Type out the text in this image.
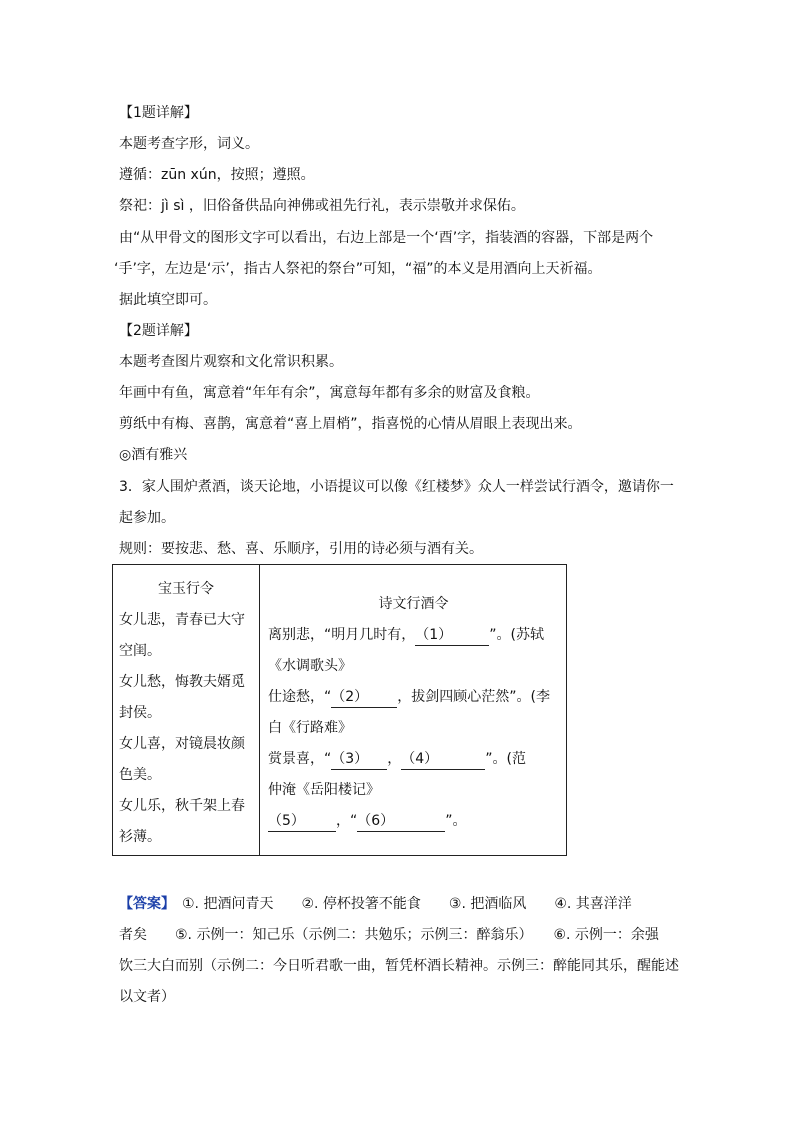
【1题详解】
本题考查字形，词义。
遵循：zūn xún，按照；遵照。
祭祀：jì sì ，旧俗备供品向神佛或祖先行礼，表示崇敬并求保佑。
由“从甲骨文的图形文字可以看出，右边上部是一个‘酉’字，指装酒的容器，下部是两个
‘手’字，左边是‘示’，指古人祭祀的祭台”可知，“福”的本义是用酒向上天祈福。
据此填空即可。
【2题详解】
本题考查图片观察和文化常识积累。
年画中有鱼，寓意着“年年有余”，寓意每年都有多余的财富及食粮。
剪纸中有梅、喜鹊，寓意着“喜上眉梢”，指喜悦的心情从眉眼上表现出来。
◎酒有雅兴
3．家人围炉煮酒，谈天论地，小语提议可以像《红楼梦》众人一样尝试行酒令，邀请你一
起参加。
规则：要按悲、愁、喜、乐顺序，引用的诗必须与酒有关。
宝玉行令
女儿悲，青春已大守
空闺。
女儿愁，悔教夫婿觅
封侯。
女儿喜，对镜晨妆颜
色美。
女儿乐，秋千架上春
衫薄。

诗文行酒令
离别悲，“明月几时有，（1）	”。(苏轼
《水调歌头》
仕途愁，“（2） ，拔剑四顾心茫然”。(李
白《行路难》
赏景喜，“（3） ，（4）	”。(范
仲淹《岳阳楼记》
（5） ，“（6）	”。
【答案】　 ①. 把酒问青天　　②. 停杯投箸不能食　　③. 把酒临风　　④. 其喜洋洋
者矣　　⑤. 示例一：知己乐（示例二：共勉乐；示例三：醉翁乐）　　⑥. 示例一：余强
饮三大白而别（示例二：今日听君歌一曲，暂凭杯酒长精神。示例三：醉能同其乐，醒能述
以文者）
